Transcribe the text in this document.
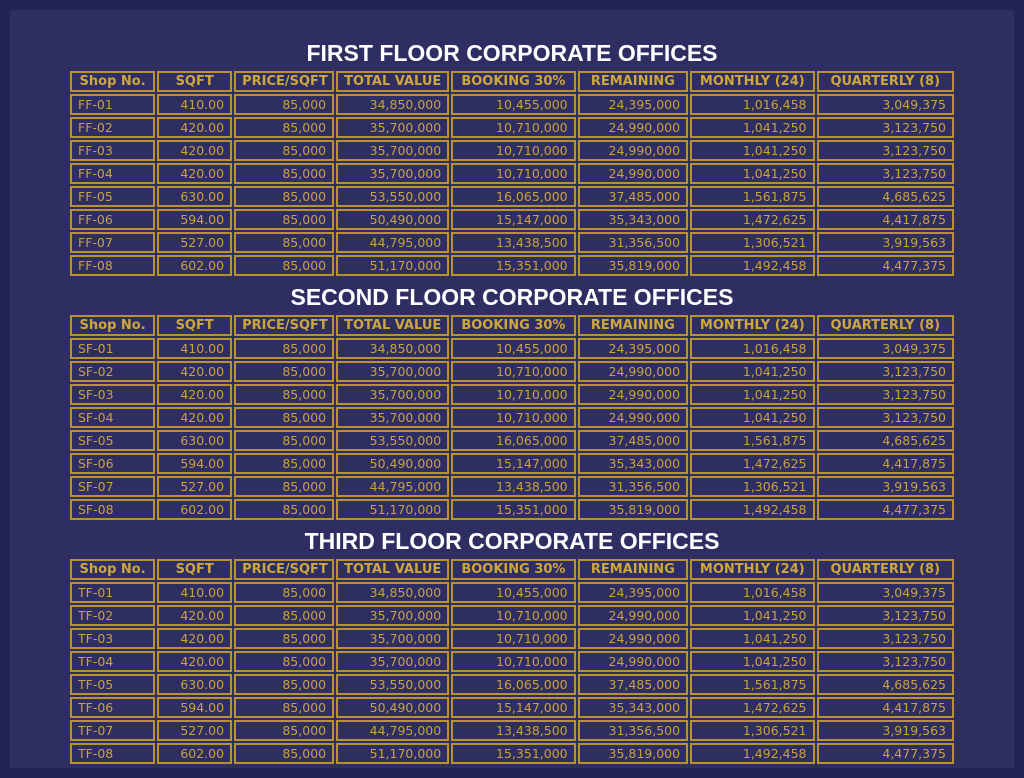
FIRST FLOOR CORPORATE OFFICES
Shop No.	SQFT	PRICE/SQFT	TOTAL VALUE	BOOKING 30%	REMAINING	MONTHLY (24)	QUARTERLY (8)
FF-01	410.00	85,000	34,850,000	10,455,000	24,395,000	1,016,458	3,049,375
FF-02	420.00	85,000	35,700,000	10,710,000	24,990,000	1,041,250	3,123,750
FF-03	420.00	85,000	35,700,000	10,710,000	24,990,000	1,041,250	3,123,750
FF-04	420.00	85,000	35,700,000	10,710,000	24,990,000	1,041,250	3,123,750
FF-05	630.00	85,000	53,550,000	16,065,000	37,485,000	1,561,875	4,685,625
FF-06	594.00	85,000	50,490,000	15,147,000	35,343,000	1,472,625	4,417,875
FF-07	527.00	85,000	44,795,000	13,438,500	31,356,500	1,306,521	3,919,563
FF-08	602.00	85,000	51,170,000	15,351,000	35,819,000	1,492,458	4,477,375
SECOND FLOOR CORPORATE OFFICES
Shop No.	SQFT	PRICE/SQFT	TOTAL VALUE	BOOKING 30%	REMAINING	MONTHLY (24)	QUARTERLY (8)
SF-01	410.00	85,000	34,850,000	10,455,000	24,395,000	1,016,458	3,049,375
SF-02	420.00	85,000	35,700,000	10,710,000	24,990,000	1,041,250	3,123,750
SF-03	420.00	85,000	35,700,000	10,710,000	24,990,000	1,041,250	3,123,750
SF-04	420.00	85,000	35,700,000	10,710,000	24,990,000	1,041,250	3,123,750
SF-05	630.00	85,000	53,550,000	16,065,000	37,485,000	1,561,875	4,685,625
SF-06	594.00	85,000	50,490,000	15,147,000	35,343,000	1,472,625	4,417,875
SF-07	527.00	85,000	44,795,000	13,438,500	31,356,500	1,306,521	3,919,563
SF-08	602.00	85,000	51,170,000	15,351,000	35,819,000	1,492,458	4,477,375
THIRD FLOOR CORPORATE OFFICES
Shop No.	SQFT	PRICE/SQFT	TOTAL VALUE	BOOKING 30%	REMAINING	MONTHLY (24)	QUARTERLY (8)
TF-01	410.00	85,000	34,850,000	10,455,000	24,395,000	1,016,458	3,049,375
TF-02	420.00	85,000	35,700,000	10,710,000	24,990,000	1,041,250	3,123,750
TF-03	420.00	85,000	35,700,000	10,710,000	24,990,000	1,041,250	3,123,750
TF-04	420.00	85,000	35,700,000	10,710,000	24,990,000	1,041,250	3,123,750
TF-05	630.00	85,000	53,550,000	16,065,000	37,485,000	1,561,875	4,685,625
TF-06	594.00	85,000	50,490,000	15,147,000	35,343,000	1,472,625	4,417,875
TF-07	527.00	85,000	44,795,000	13,438,500	31,356,500	1,306,521	3,919,563
TF-08	602.00	85,000	51,170,000	15,351,000	35,819,000	1,492,458	4,477,375
